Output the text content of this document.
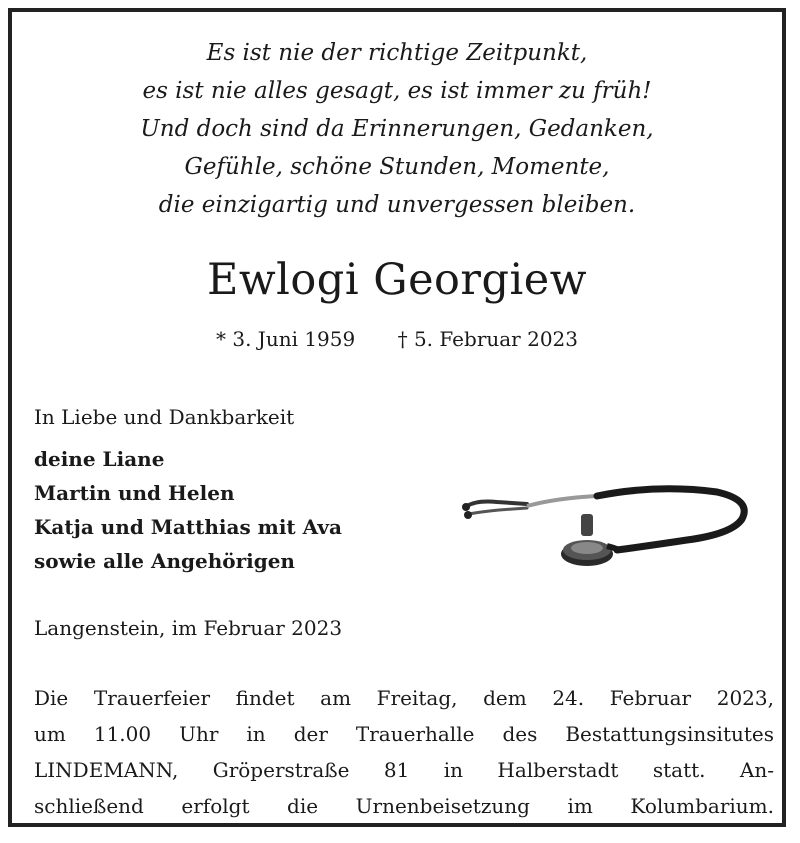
Es ist nie der richtige Zeitpunkt,
es ist nie alles gesagt, es ist immer zu früh!
Und doch sind da Erinnerungen, Gedanken,
Gefühle, schöne Stunden, Momente,
die einzigartig und unvergessen bleiben.
Ewlogi Georgiew
* 3. Juni 1959 † 5. Februar 2023
In Liebe und Dankbarkeit
deine Liane
Martin und Helen
Katja und Matthias mit Ava
sowie alle Angehörigen
Langenstein, im Februar 2023
Die Trauerfeier findet am Freitag, dem 24. Februar 2023,
um 11.00 Uhr in der Trauerhalle des Bestattungsinsitutes
LINDEMANN, Gröperstraße 81 in Halberstadt statt. An-
schließend erfolgt die Urnenbeisetzung im Kolumbarium.
